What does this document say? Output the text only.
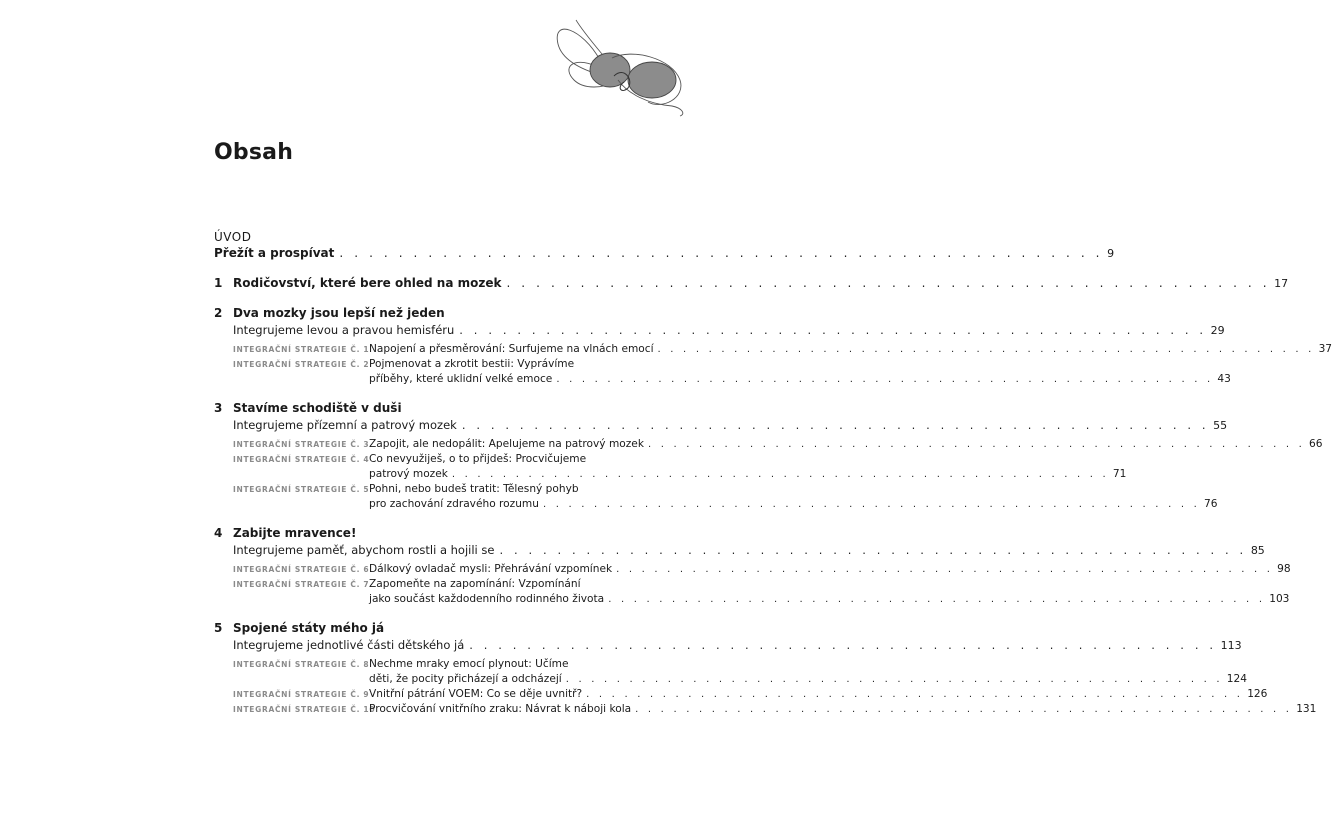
Obsah
ÚVOD
Přežít a prospívat . . . . . . . . . . . . . . . . . . . . . . . . . . . . . . . . . . . . . . . . . . . . . . . . . . . . 9
1 Rodičovství, které bere ohled na mozek . . . . . . . . . . . . . . . . . . . . . . . . . . . . . . . . . . . . . . . . . . . . . . . . . . . . 17
2 Dva mozky jsou lepší než jeden
Integrujeme levou a pravou hemisféru . . . . . . . . . . . . . . . . . . . . . . . . . . . . . . . . . . . . . . . . . . . . . . . . . . . . 29
INTEGRAČNÍ STRATEGIE Č. 1 Napojení a přesměrování: Surfujeme na vlnách emocí . . . . . . . . . . . . . . . . . . . . . . . . . . . . . . . . . . . . . . . . . . . . . . . . . . . . 37
INTEGRAČNÍ STRATEGIE Č. 2 Pojmenovat a zkrotit bestii: Vyprávíme
příběhy, které uklidní velké emoce . . . . . . . . . . . . . . . . . . . . . . . . . . . . . . . . . . . . . . . . . . . . . . . . . . . . 43
3 Stavíme schodiště v duši
Integrujeme přízemní a patrový mozek . . . . . . . . . . . . . . . . . . . . . . . . . . . . . . . . . . . . . . . . . . . . . . . . . . . . 55
INTEGRAČNÍ STRATEGIE Č. 3 Zapojit, ale nedopálit: Apelujeme na patrový mozek . . . . . . . . . . . . . . . . . . . . . . . . . . . . . . . . . . . . . . . . . . . . . . . . . . . . 66
INTEGRAČNÍ STRATEGIE Č. 4 Co nevyužiješ, o to přijdeš: Procvičujeme
patrový mozek . . . . . . . . . . . . . . . . . . . . . . . . . . . . . . . . . . . . . . . . . . . . . . . . . . . . 71
INTEGRAČNÍ STRATEGIE Č. 5 Pohni, nebo budeš tratit: Tělesný pohyb
pro zachování zdravého rozumu . . . . . . . . . . . . . . . . . . . . . . . . . . . . . . . . . . . . . . . . . . . . . . . . . . . . 76
4 Zabijte mravence!
Integrujeme paměť, abychom rostli a hojili se . . . . . . . . . . . . . . . . . . . . . . . . . . . . . . . . . . . . . . . . . . . . . . . . . . . . 85
INTEGRAČNÍ STRATEGIE Č. 6 Dálkový ovladač mysli: Přehrávání vzpomínek . . . . . . . . . . . . . . . . . . . . . . . . . . . . . . . . . . . . . . . . . . . . . . . . . . . . 98
INTEGRAČNÍ STRATEGIE Č. 7 Zapomeňte na zapomínání: Vzpomínání
jako součást každodenního rodinného života . . . . . . . . . . . . . . . . . . . . . . . . . . . . . . . . . . . . . . . . . . . . . . . . . . . . 103
5 Spojené státy mého já
Integrujeme jednotlivé části dětského já . . . . . . . . . . . . . . . . . . . . . . . . . . . . . . . . . . . . . . . . . . . . . . . . . . . . 113
INTEGRAČNÍ STRATEGIE Č. 8 Nechme mraky emocí plynout: Učíme
děti, že pocity přicházejí a odcházejí . . . . . . . . . . . . . . . . . . . . . . . . . . . . . . . . . . . . . . . . . . . . . . . . . . . . 124
INTEGRAČNÍ STRATEGIE Č. 9 Vnitřní pátrání VOEM: Co se děje uvnitř? . . . . . . . . . . . . . . . . . . . . . . . . . . . . . . . . . . . . . . . . . . . . . . . . . . . . 126
INTEGRAČNÍ STRATEGIE Č. 10
Procvičování vnitřního zraku: Návrat k náboji kola . . . . . . . . . . . . . . . . . . . . . . . . . . . . . . . . . . . . . . . . . . . . . . . . . . . . 131
